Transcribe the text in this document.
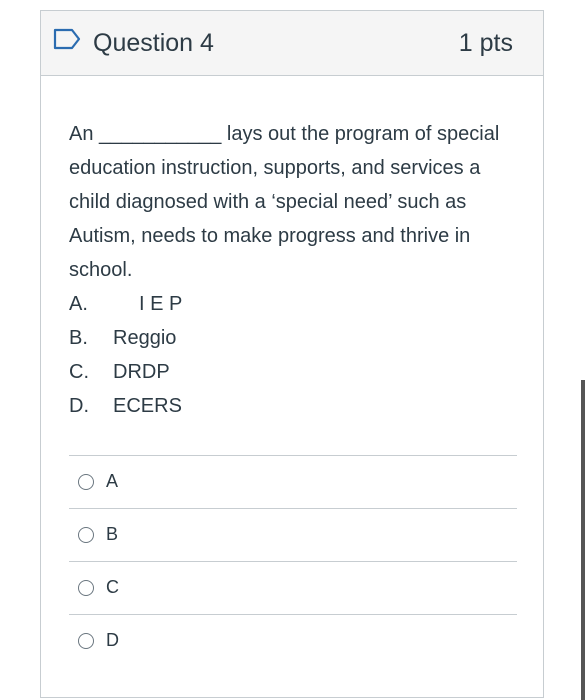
Question 4	1 pts

An ___________ lays out the program of special education instruction, supports, and services a child diagnosed with a ‘special need’ such as Autism, needs to make progress and thrive in school.

A.	I E P

B. Reggio

C. DRDP

D. ECERS

A
B
C
D
